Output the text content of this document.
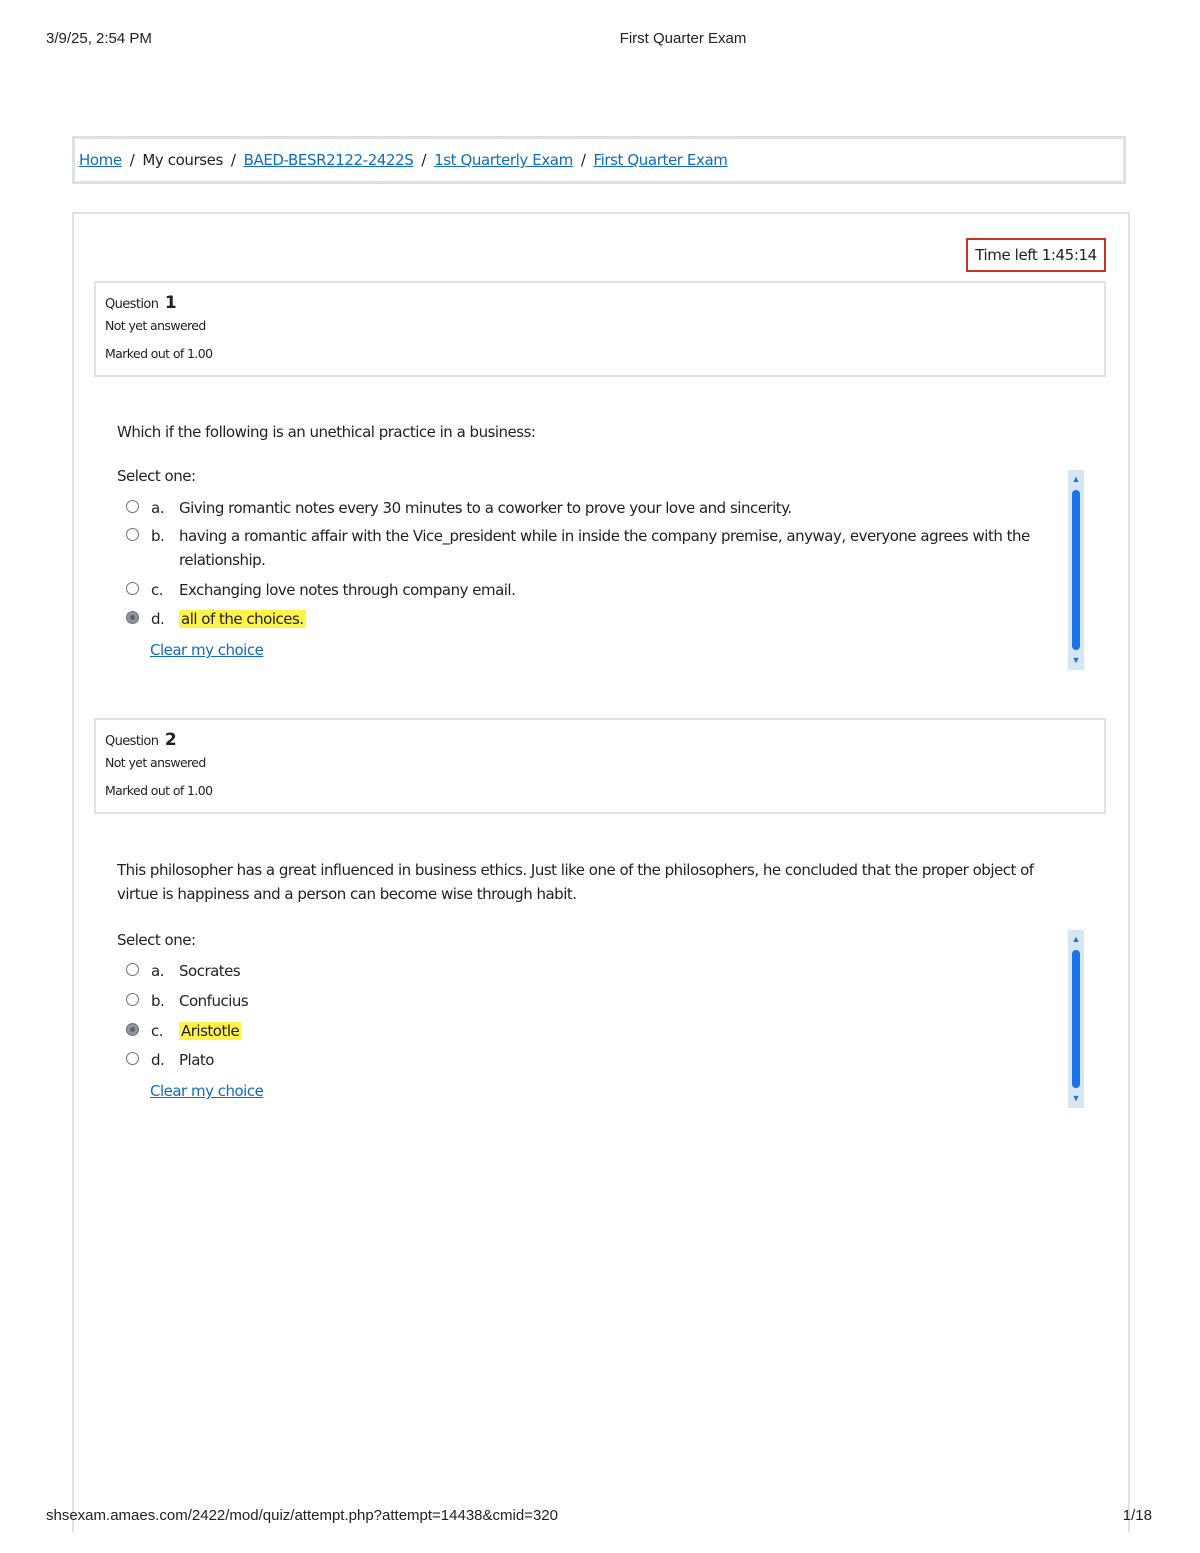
3/9/25, 2:54 PM	First Quarter Exam
Home / My courses / BAED-BESR2122-2422S / 1st Quarterly Exam / First Quarter Exam
Time left 1:45:14
Question 1
Not yet answered
Marked out of 1.00
Which if the following is an unethical practice in a business:
Select one:
a. Giving romantic notes every 30 minutes to a coworker to prove your love and sincerity.
b. having a romantic affair with the Vice_president while in inside the company premise, anyway, everyone agrees with the relationship.
c. Exchanging love notes through company email.
d. all of the choices.
Clear my choice
▲
▼
Question 2
Not yet answered
Marked out of 1.00
This philosopher has a great influenced in business ethics. Just like one of the philosophers, he concluded that the proper object of virtue is happiness and a person can become wise through habit.
Select one:
a. Socrates
b. Confucius
c. Aristotle
d. Plato
Clear my choice
▲
▼
shsexam.amaes.com/2422/mod/quiz/attempt.php?attempt=14438&cmid=320	1/18
